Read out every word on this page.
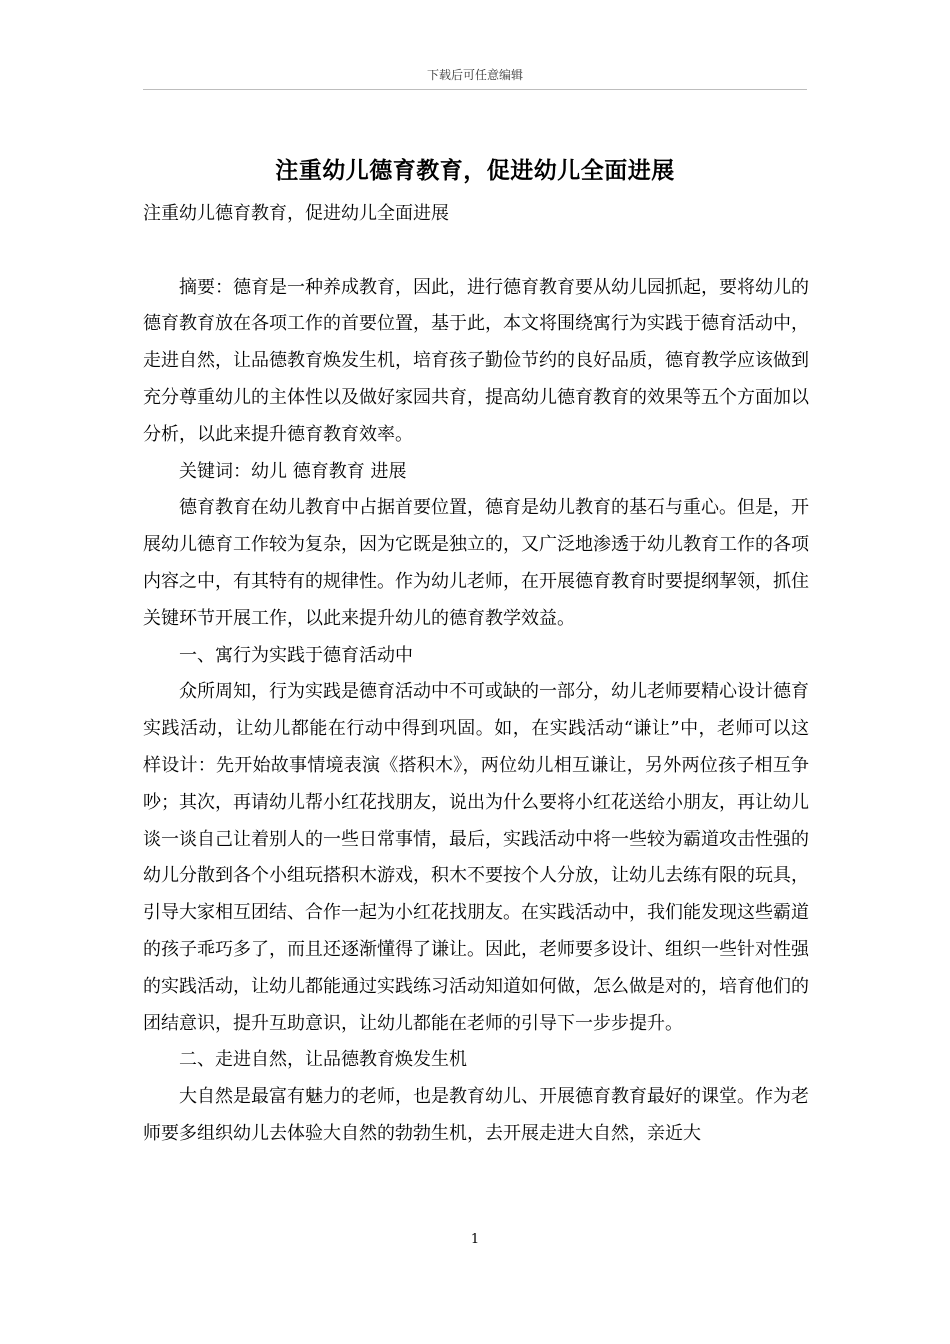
下载后可任意编辑
注重幼儿德育教育，促进幼儿全面进展

注重幼儿德育教育，促进幼儿全面进展

摘要：德育是一种养成教育，因此，进行德育教育要从幼儿园抓起，要将幼儿的德育教育放在各项工作的首要位置，基于此，本文将围绕寓行为实践于德育活动中，走进自然，让品德教育焕发生机，培育孩子勤俭节约的良好品质，德育教学应该做到充分尊重幼儿的主体性以及做好家园共育，提高幼儿德育教育的效果等五个方面加以分析，以此来提升德育教育效率。

关键词：幼儿 德育教育 进展

德育教育在幼儿教育中占据首要位置，德育是幼儿教育的基石与重心。但是，开展幼儿德育工作较为复杂，因为它既是独立的，又广泛地渗透于幼儿教育工作的各项内容之中，有其特有的规律性。作为幼儿老师，在开展德育教育时要提纲挈领，抓住关键环节开展工作，以此来提升幼儿的德育教学效益。

一、寓行为实践于德育活动中

众所周知，行为实践是德育活动中不可或缺的一部分，幼儿老师要精心设计德育实践活动，让幼儿都能在行动中得到巩固。如，在实践活动“谦让”中，老师可以这样设计：先开始故事情境表演《搭积木》，两位幼儿相互谦让，另外两位孩子相互争吵；其次，再请幼儿帮小红花找朋友，说出为什么要将小红花送给小朋友，再让幼儿谈一谈自己让着别人的一些日常事情，最后，实践活动中将一些较为霸道攻击性强的幼儿分散到各个小组玩搭积木游戏，积木不要按个人分放，让幼儿去练有限的玩具，引导大家相互团结、合作一起为小红花找朋友。在实践活动中，我们能发现这些霸道的孩子乖巧多了，而且还逐渐懂得了谦让。因此，老师要多设计、组织一些针对性强的实践活动，让幼儿都能通过实践练习活动知道如何做，怎么做是对的，培育他们的团结意识，提升互助意识，让幼儿都能在老师的引导下一步步提升。

二、走进自然，让品德教育焕发生机

大自然是最富有魅力的老师，也是教育幼儿、开展德育教育最好的课堂。作为老师要多组织幼儿去体验大自然的勃勃生机，去开展走进大自然，亲近大

1
